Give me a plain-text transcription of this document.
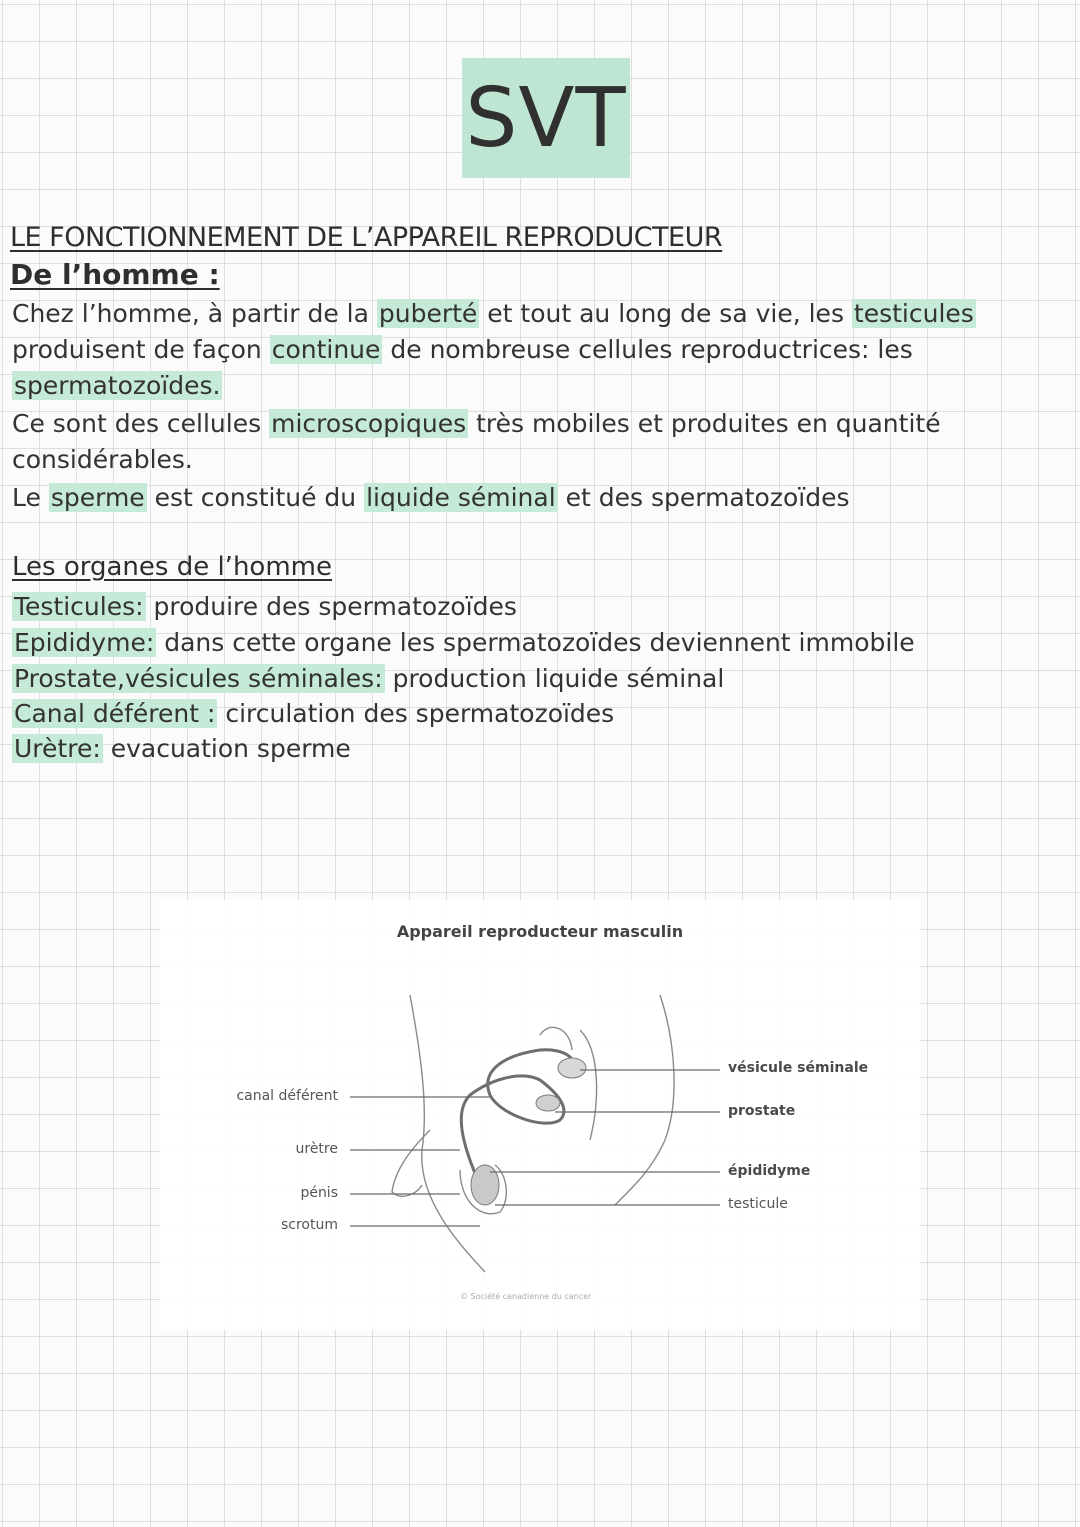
SVT
LE FONCTIONNEMENT DE L’APPAREIL REPRODUCTEUR
De l’homme :
Chez l’homme, à partir de la puberté et tout au long de sa vie, les testicules
produisent de façon continue de nombreuse cellules reproductrices: les
spermatozoïdes.
Ce sont des cellules microscopiques très mobiles et produites en quantité
considérables.
Le sperme est constitué du liquide séminal et des spermatozoïdes
Les organes de l’homme
Testicules: produire des spermatozoïdes
Epididyme: dans cette organe les spermatozoïdes deviennent immobile
Prostate,vésicules séminales: production liquide séminal
Canal déférent : circulation des spermatozoïdes
Urètre: evacuation sperme
Appareil reproducteur masculin
canal déférent
urètre
pénis
scrotum
vésicule séminale
prostate
épididyme
testicule
© Société canadienne du cancer
